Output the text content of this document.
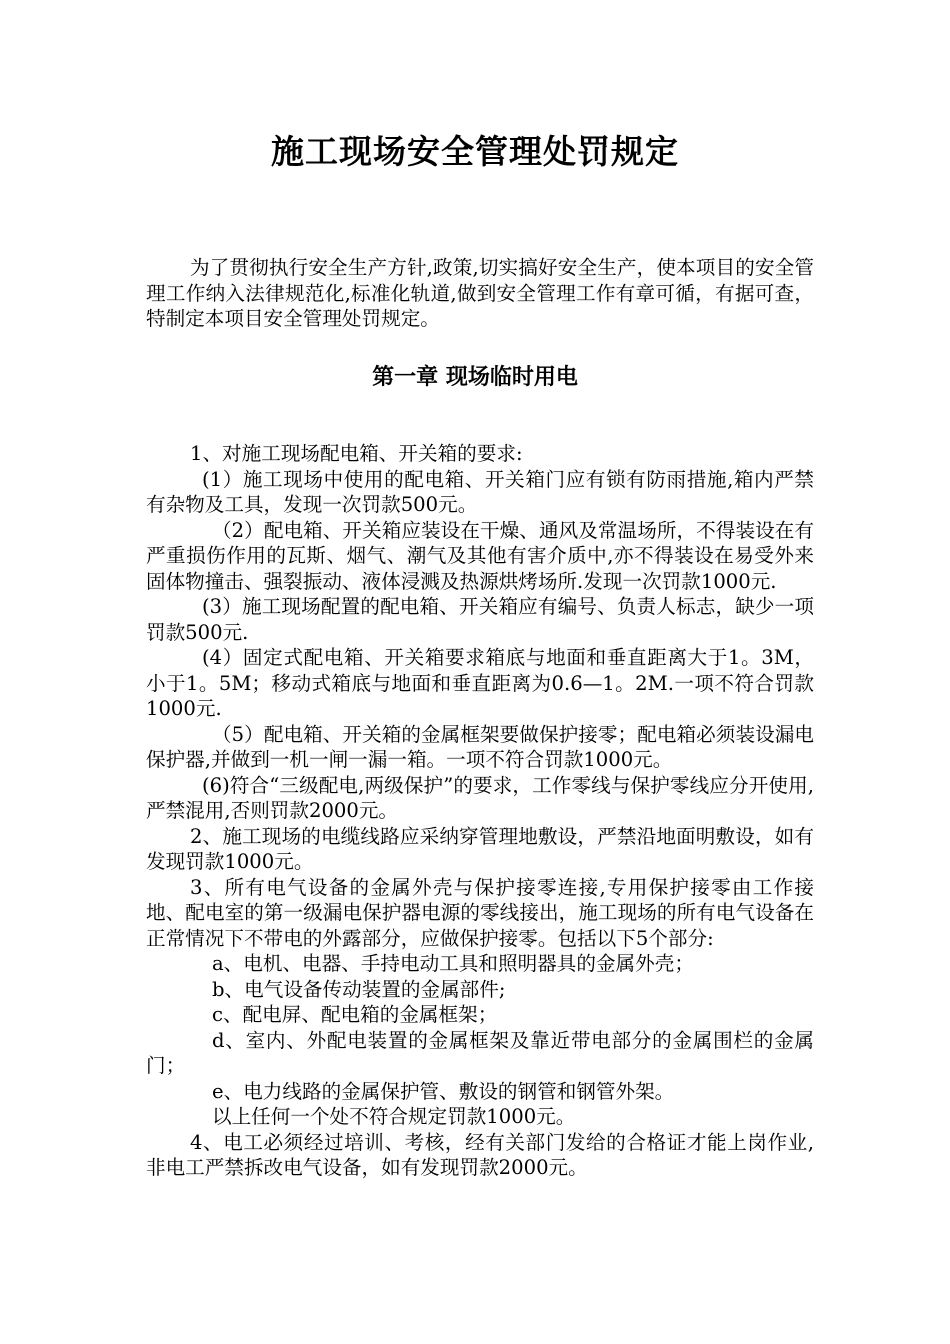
施工现场安全管理处罚规定

为了贯彻执行安全生产方针,政策,切实搞好安全生产，使本项目的安全管理工作纳入法律规范化,标准化轨道,做到安全管理工作有章可循，有据可查，特制定本项目安全管理处罚规定。

第一章 现场临时用电

1、对施工现场配电箱、开关箱的要求:

(1）施工现场中使用的配电箱、开关箱门应有锁有防雨措施,箱内严禁有杂物及工具，发现一次罚款500元。

（2）配电箱、开关箱应装设在干燥、通风及常温场所，不得装设在有严重损伤作用的瓦斯、烟气、潮气及其他有害介质中,亦不得装设在易受外来固体物撞击、强裂振动、液体浸溅及热源烘烤场所.发现一次罚款1000元.

(3）施工现场配置的配电箱、开关箱应有编号、负责人标志，缺少一项罚款500元.

(4）固定式配电箱、开关箱要求箱底与地面和垂直距离大于1。3M，小于1。5M；移动式箱底与地面和垂直距离为0.6—1。2M.一项不符合罚款1000元.

（5）配电箱、开关箱的金属框架要做保护接零；配电箱必须装设漏电保护器,并做到一机一闸一漏一箱。一项不符合罚款1000元。

(6)符合“三级配电,两级保护”的要求，工作零线与保护零线应分开使用,严禁混用,否则罚款2000元。

2、施工现场的电缆线路应采纳穿管理地敷设，严禁沿地面明敷设，如有发现罚款1000元。

3、所有电气设备的金属外壳与保护接零连接,专用保护接零由工作接地、配电室的第一级漏电保护器电源的零线接出，施工现场的所有电气设备在正常情况下不带电的外露部分，应做保护接零。包括以下5个部分:

a、电机、电器、手持电动工具和照明器具的金属外壳；

b、电气设备传动装置的金属部件;

c、配电屏、配电箱的金属框架；

d、室内、外配电装置的金属框架及靠近带电部分的金属围栏的金属门；

e、电力线路的金属保护管、敷设的钢管和钢管外架。

以上任何一个处不符合规定罚款1000元。

4、电工必须经过培训、考核，经有关部门发给的合格证才能上岗作业,非电工严禁拆改电气设备，如有发现罚款2000元。
